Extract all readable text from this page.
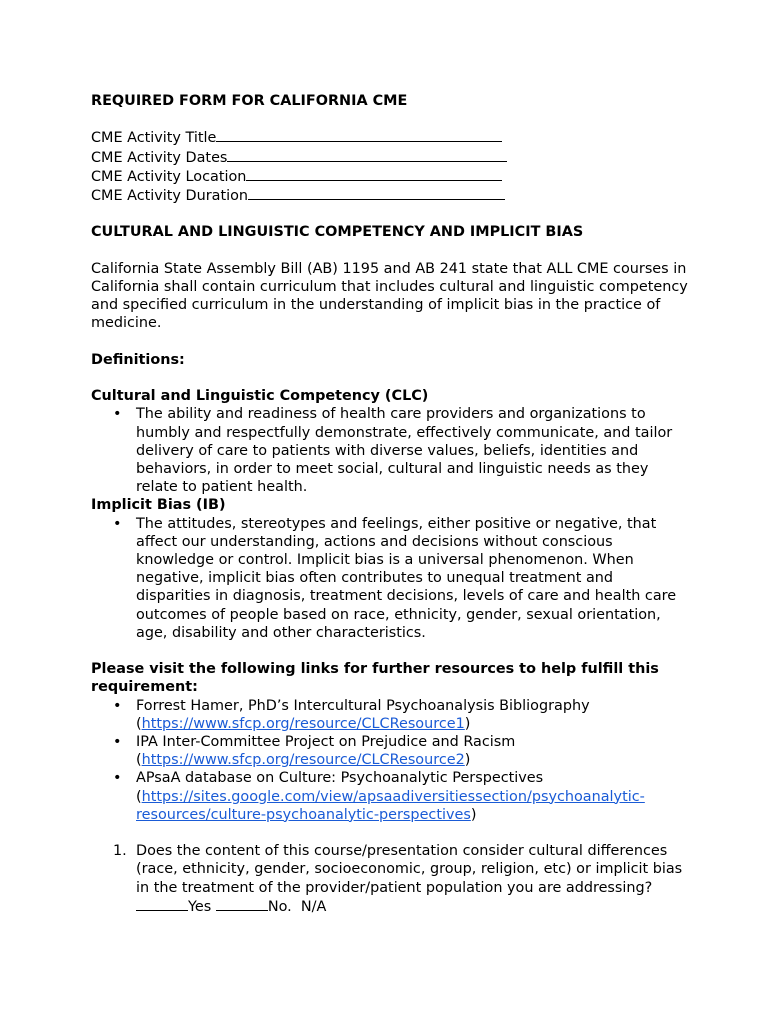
REQUIRED FORM FOR CALIFORNIA CME

CME Activity Title
CME Activity Dates
CME Activity Location
CME Activity Duration

CULTURAL AND LINGUISTIC COMPETENCY AND IMPLICIT BIAS

California State Assembly Bill (AB) 1195 and AB 241 state that ALL CME courses in California shall contain curriculum that includes cultural and linguistic competency and specified curriculum in the understanding of implicit bias in the practice of medicine.

Definitions:

Cultural and Linguistic Competency (CLC)

• The ability and readiness of health care providers and organizations to humbly and respectfully demonstrate, effectively communicate, and tailor delivery of care to patients with diverse values, beliefs, identities and behaviors, in order to meet social, cultural and linguistic needs as they relate to patient health.

Implicit Bias (IB)

• The attitudes, stereotypes and feelings, either positive or negative, that affect our understanding, actions and decisions without conscious knowledge or control. Implicit bias is a universal phenomenon. When negative, implicit bias often contributes to unequal treatment and disparities in diagnosis, treatment decisions, levels of care and health care outcomes of people based on race, ethnicity, gender, sexual orientation, age, disability and other characteristics.

Please visit the following links for further resources to help fulfill this requirement:

• Forrest Hamer, PhD’s Intercultural Psychoanalysis Bibliography
(https://www.sfcp.org/resource/CLCResource1)
• IPA Inter-Committee Project on Prejudice and Racism
(https://www.sfcp.org/resource/CLCResource2)
• APsaA database on Culture: Psychoanalytic Perspectives
(https://sites.google.com/view/apsaadiversitiessection/psychoanalytic-resources/culture-psychoanalytic-perspectives)
1. Does the content of this course/presentation consider cultural differences (race, ethnicity, gender, socioeconomic, group, religion, etc) or implicit bias in the treatment of the provider/patient population you are addressing?
Yes	No. N/A
